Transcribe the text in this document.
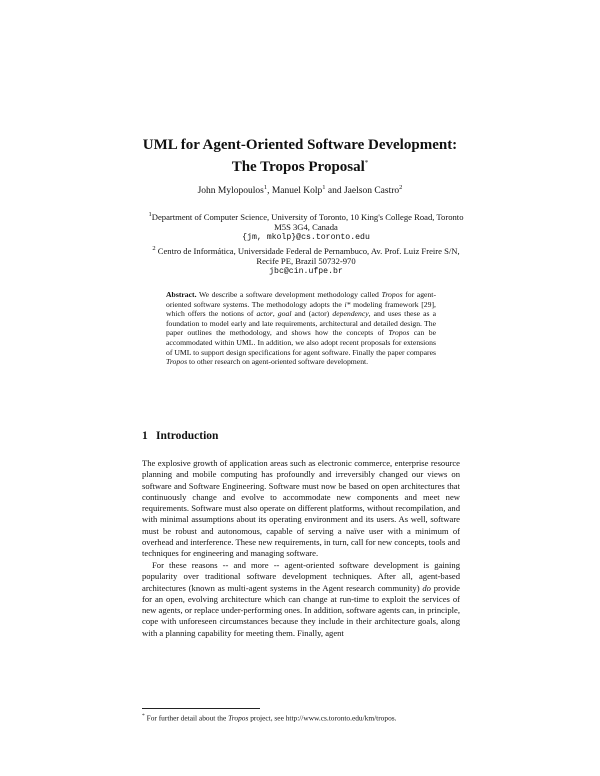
UML for Agent-Oriented Software Development:
The Tropos Proposal*
John Mylopoulos$^1$, Manuel Kolp$^1$ and Jaelson Castro$^2$
$^1$Department of Computer Science, University of Toronto, 10 King's College Road, Toronto
M5S 3G4, Canada
{jm, mkolp}@cs.toronto.edu
$^2$ Centro de Informática, Universidade Federal de Pernambuco, Av. Prof. Luiz Freire S/N,
Recife PE, Brazil 50732-970
jbc@cin.ufpe.br
Abstract. We describe a software development methodology called Tropos for agent-oriented software systems. The methodology adopts the i* modeling framework [29], which offers the notions of actor, goal and (actor) dependency, and uses these as a foundation to model early and late requirements, architectural and detailed design. The paper outlines the methodology, and shows how the concepts of Tropos can be accommodated within UML. In addition, we also adopt recent proposals for extensions of UML to support design specifications for agent software. Finally the paper compares Tropos to other research on agent-oriented software development.
1 Introduction
The explosive growth of application areas such as electronic commerce, enterprise resource planning and mobile computing has profoundly and irreversibly changed our views on software and Software Engineering. Software must now be based on open architectures that continuously change and evolve to accommodate new components and meet new requirements. Software must also operate on different platforms, without recompilation, and with minimal assumptions about its operating environment and its users. As well, software must be robust and autonomous, capable of serving a naïve user with a minimum of overhead and interference. These new requirements, in turn, call for new concepts, tools and techniques for engineering and managing software.
For these reasons -- and more -- agent-oriented software development is gaining popularity over traditional software development techniques. After all, agent-based architectures (known as multi-agent systems in the Agent research community) do provide for an open, evolving architecture which can change at run-time to exploit the services of new agents, or replace under-performing ones. In addition, software agents can, in principle, cope with unforeseen circumstances because they include in their architecture goals, along with a planning capability for meeting them. Finally, agent
* For further detail about the Tropos project, see http://www.cs.toronto.edu/km/tropos.
